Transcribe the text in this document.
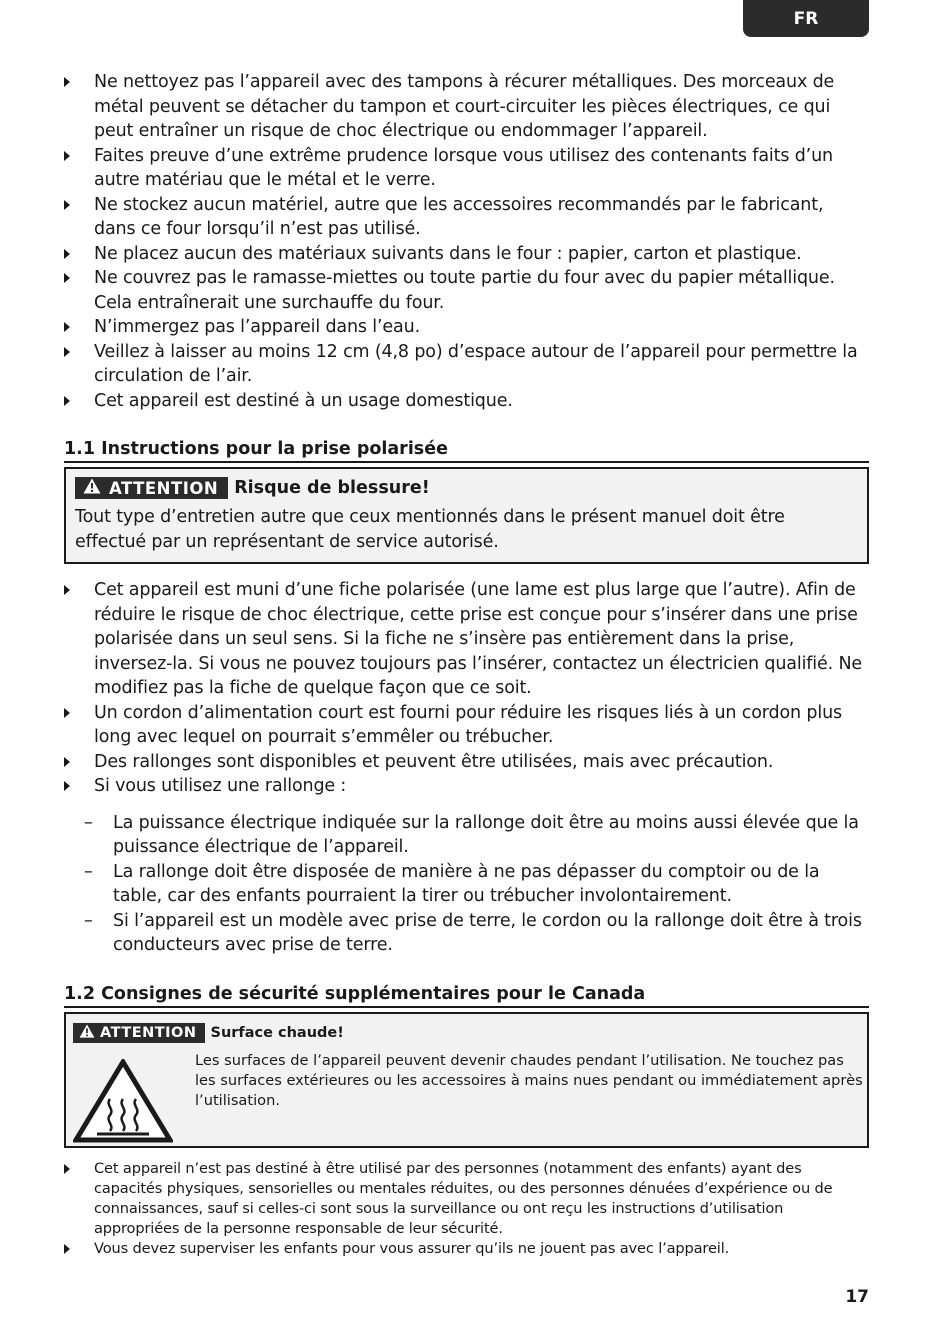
FR
Ne nettoyez pas l’appareil avec des tampons à récurer métalliques. Des morceaux de métal peuvent se détacher du tampon et court-circuiter les pièces électriques, ce qui peut entraîner un risque de choc électrique ou endommager l’appareil.
Faites preuve d’une extrême prudence lorsque vous utilisez des contenants faits d’un autre matériau que le métal et le verre.
Ne stockez aucun matériel, autre que les accessoires recommandés par le fabricant, dans ce four lorsqu’il n’est pas utilisé.
Ne placez aucun des matériaux suivants dans le four : papier, carton et plastique.
Ne couvrez pas le ramasse-miettes ou toute partie du four avec du papier métallique. Cela entraînerait une surchauffe du four.
N’immergez pas l’appareil dans l’eau.
Veillez à laisser au moins 12 cm (4,8 po) d’espace autour de l’appareil pour permettre la circulation de l’air.
Cet appareil est destiné à un usage domestique.
1.1 Instructions pour la prise polarisée
ATTENTION Risque de blessure!
Tout type d’entretien autre que ceux mentionnés dans le présent manuel doit être effectué par un représentant de service autorisé.
Cet appareil est muni d’une fiche polarisée (une lame est plus large que l’autre). Afin de réduire le risque de choc électrique, cette prise est conçue pour s’insérer dans une prise polarisée dans un seul sens. Si la fiche ne s’insère pas entièrement dans la prise, inversez-la. Si vous ne pouvez toujours pas l’insérer, contactez un électricien qualifié. Ne modifiez pas la fiche de quelque façon que ce soit.
Un cordon d’alimentation court est fourni pour réduire les risques liés à un cordon plus long avec lequel on pourrait s’emmêler ou trébucher.
Des rallonges sont disponibles et peuvent être utilisées, mais avec précaution.
Si vous utilisez une rallonge :
– La puissance électrique indiquée sur la rallonge doit être au moins aussi élevée que la puissance électrique de l’appareil.
– La rallonge doit être disposée de manière à ne pas dépasser du comptoir ou de la table, car des enfants pourraient la tirer ou trébucher involontairement.
– Si l’appareil est un modèle avec prise de terre, le cordon ou la rallonge doit être à trois conducteurs avec prise de terre.
1.2 Consignes de sécurité supplémentaires pour le Canada
ATTENTION Surface chaude!
Les surfaces de l’appareil peuvent devenir chaudes pendant l’utilisation. Ne touchez pas les surfaces extérieures ou les accessoires à mains nues pendant ou immédiatement après l’utilisation.
Cet appareil n’est pas destiné à être utilisé par des personnes (notamment des enfants) ayant des capacités physiques, sensorielles ou mentales réduites, ou des personnes dénuées d’expérience ou de connaissances, sauf si celles-ci sont sous la surveillance ou ont reçu les instructions d’utilisation appropriées de la personne responsable de leur sécurité.
Vous devez superviser les enfants pour vous assurer qu’ils ne jouent pas avec l’appareil.
17
